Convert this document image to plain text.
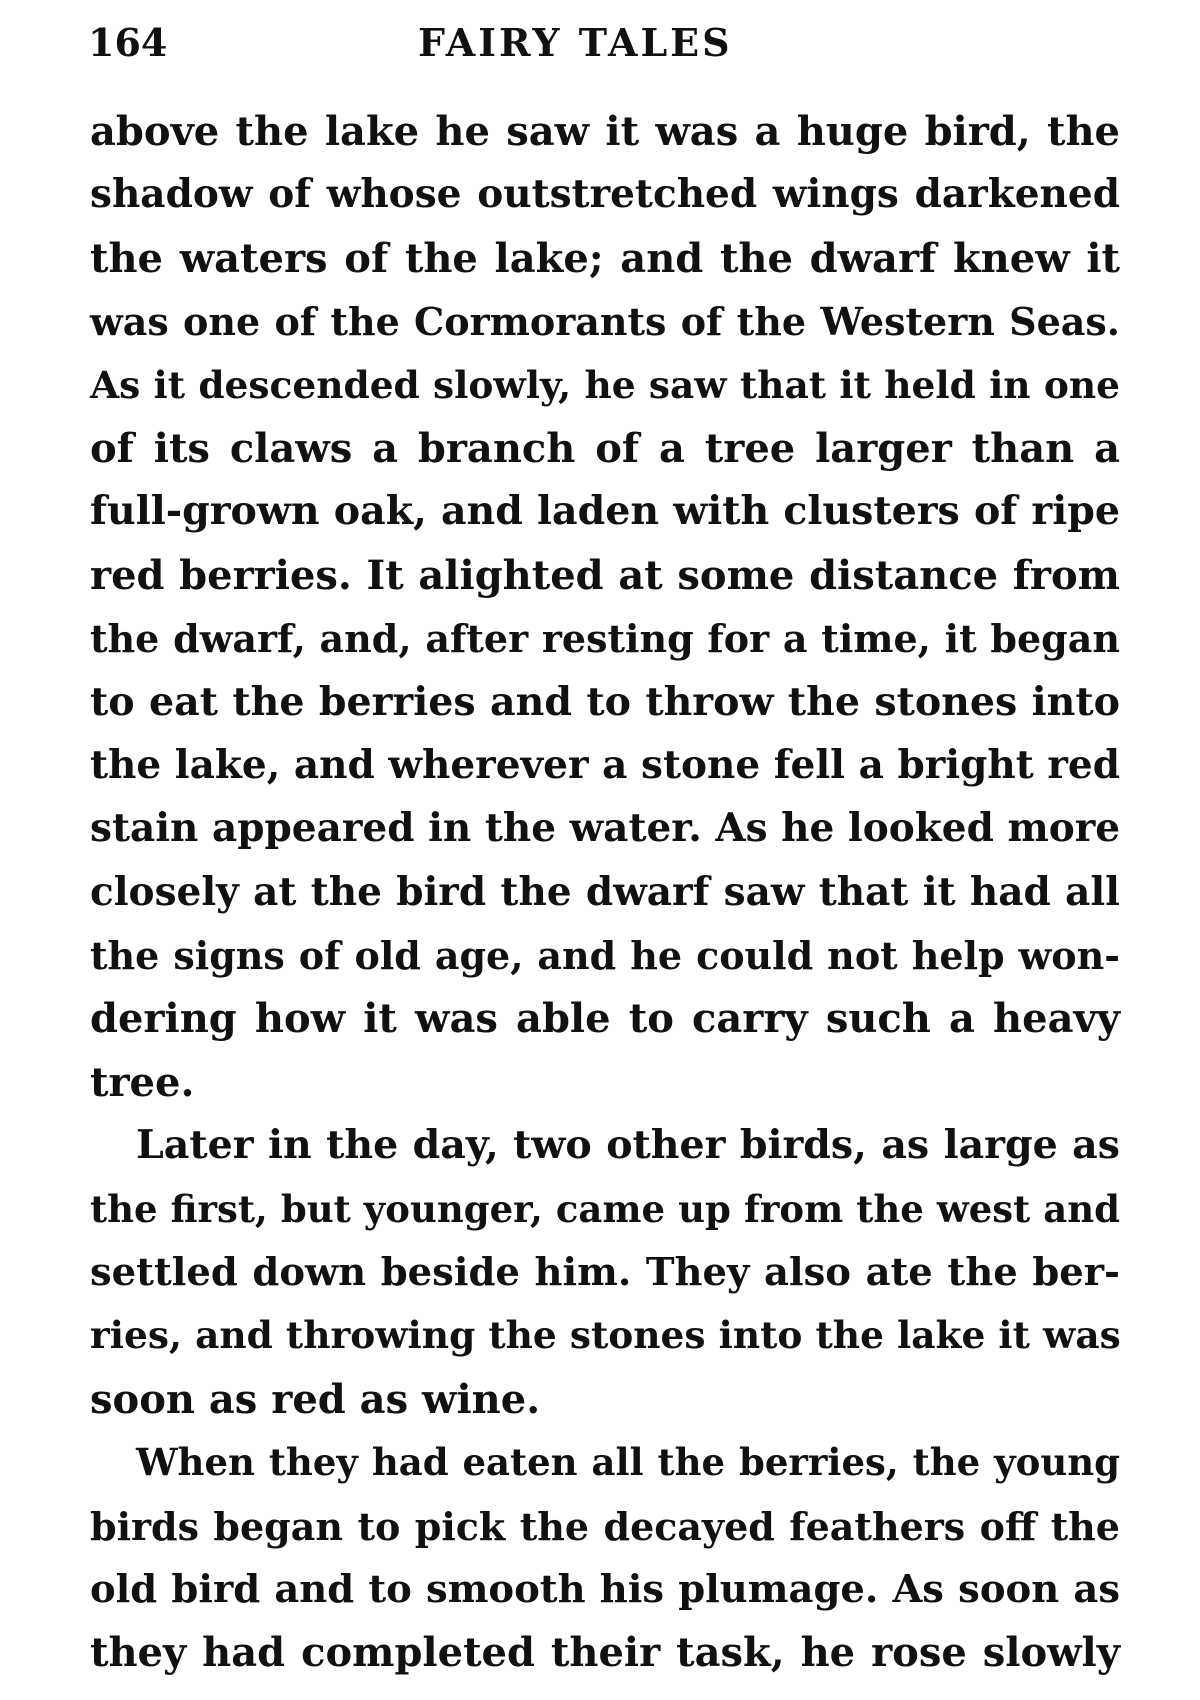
164	FAIRY TALES
above the lake he saw it was a huge bird, the
shadow of whose outstretched wings darkened
the waters of the lake; and the dwarf knew it
was one of the Cormorants of the Western Seas.
As it descended slowly, he saw that it held in one
of its claws a branch of a tree larger than a
full-grown oak, and laden with clusters of ripe
red berries. It alighted at some distance from
the dwarf, and, after resting for a time, it began
to eat the berries and to throw the stones into
the lake, and wherever a stone fell a bright red
stain appeared in the water. As he looked more
closely at the bird the dwarf saw that it had all
the signs of old age, and he could not help won-
dering how it was able to carry such a heavy
tree.
Later in the day, two other birds, as large as
the first, but younger, came up from the west and
settled down beside him. They also ate the ber-
ries, and throwing the stones into the lake it was
soon as red as wine.
When they had eaten all the berries, the young
birds began to pick the decayed feathers off the
old bird and to smooth his plumage. As soon as
they had completed their task, he rose slowly
